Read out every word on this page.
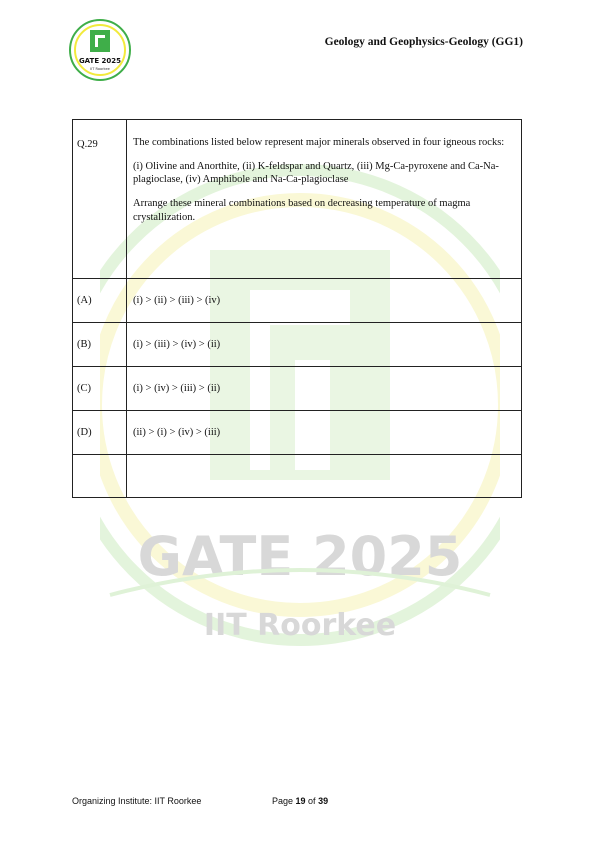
GATE 2025
IIT Roorkee
Geology and Geophysics-Geology (GG1)
GATE 2025
IIT Roorkee
Q.29	The combinations listed below represent major minerals observed in four igneous rocks:

(i) Olivine and Anorthite, (ii) K-feldspar and Quartz, (iii) Mg-Ca-pyroxene and Ca-Na-plagioclase, (iv) Amphibole and Na-Ca-plagioclase

Arrange these mineral combinations based on decreasing temperature of magma crystallization.

(A)	(i) > (ii) > (iii) > (iv)
(B)	(i) > (iii) > (iv) > (ii)
(C)	(i) > (iv) > (iii) > (ii)
(D)	(ii) > (i) > (iv) > (iii)

Organizing Institute: IIT Roorkee	Page 19 of 39
